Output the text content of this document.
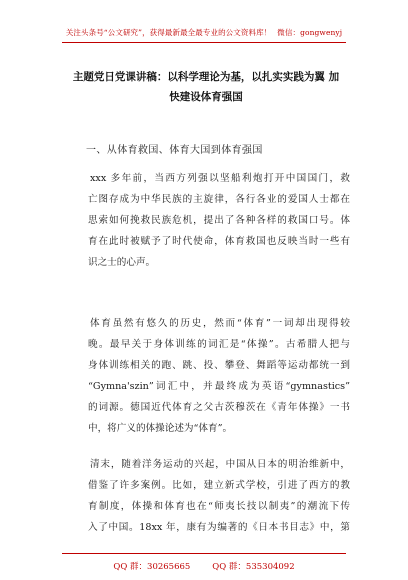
关注头条号“公文研究”，获得最新最全最专业的公文资料库！ 微信：gongwenyj
主题党日党课讲稿：以科学理论为基，以扎实实践为翼 加
快建设体育强国
一、从体育救国、体育大国到体育强国
xxx 多年前，当西方列强以坚船利炮打开中国国门，救
亡图存成为中华民族的主旋律，各行各业的爱国人士都在
思索如何挽救民族危机，提出了各种各样的救国口号。体
育在此时被赋予了时代使命，体育救国也反映当时一些有
识之士的心声。
体育虽然有悠久的历史，然而“体育”一词却出现得较
晚。最早关于身体训练的词汇是“体操”。古希腊人把与
身体训练相关的跑、跳、投、攀登、舞蹈等运动都统一到
“Gymna'szin”词汇中，并最终成为英语“gymnastics”
的词源。德国近代体育之父古茨穆茨在《青年体操》一书
中，将广义的体操论述为“体育”。
清末，随着洋务运动的兴起，中国从日本的明治维新中，
借鉴了许多案例。比如，建立新式学校，引进了西方的教
育制度，体操和体育也在“师夷长技以制夷”的潮流下传
入了中国。18xx 年，康有为编著的《日本书目志》中，第
QQ 群：30265665	QQ 群：535304092
